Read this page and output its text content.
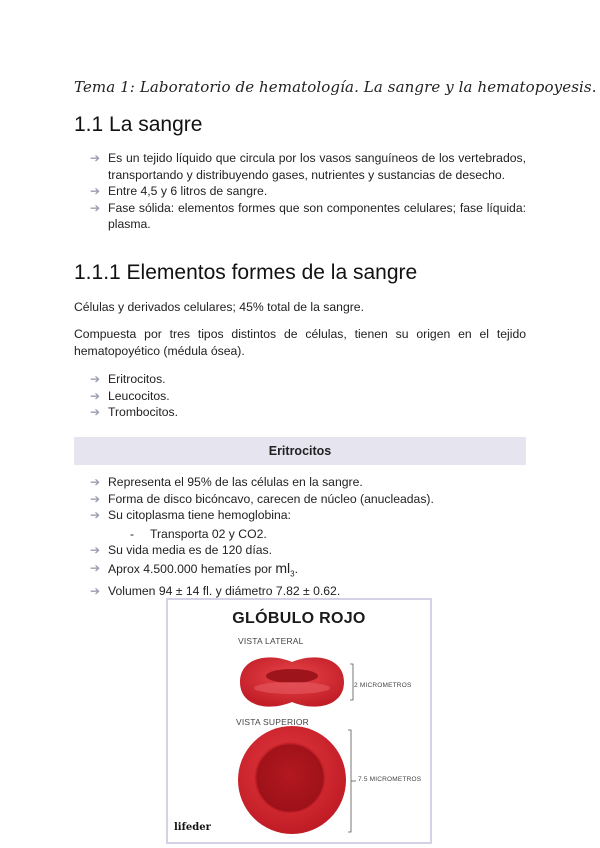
Tema 1: Laboratorio de hematología. La sangre y la hematopoyesis.
1.1 La sangre
➔ Es un tejido líquido que circula por los vasos sanguíneos de los vertebrados, transportando y distribuyendo gases, nutrientes y sustancias de desecho.
➔ Entre 4,5 y 6 litros de sangre.
➔ Fase sólida: elementos formes que son componentes celulares; fase líquida: plasma.
1.1.1 Elementos formes de la sangre

Células y derivados celulares; 45% total de la sangre.

Compuesta por tres tipos distintos de células, tienen su origen en el tejido hematopoyético (médula ósea).

➔ Eritrocitos.
➔ Leucocitos.
➔ Trombocitos.
Eritrocitos
➔ Representa el 95% de las células en la sangre.
➔ Forma de disco bicóncavo, carecen de núcleo (anucleadas).
➔ Su citoplasma tiene hemoglobina:
- Transporta 02 y CO2.
➔ Su vida media es de 120 días.
➔ Aprox 4.500.000 hematíes por $ml_3$.
➔ Volumen 94 ± 14 fl. y diámetro 7.82 ± 0.62.
GLÓBULO ROJO
VISTA LATERAL
VISTA SUPERIOR
2 MICROMETROS
7.5 MICROMETROS
lifeder
